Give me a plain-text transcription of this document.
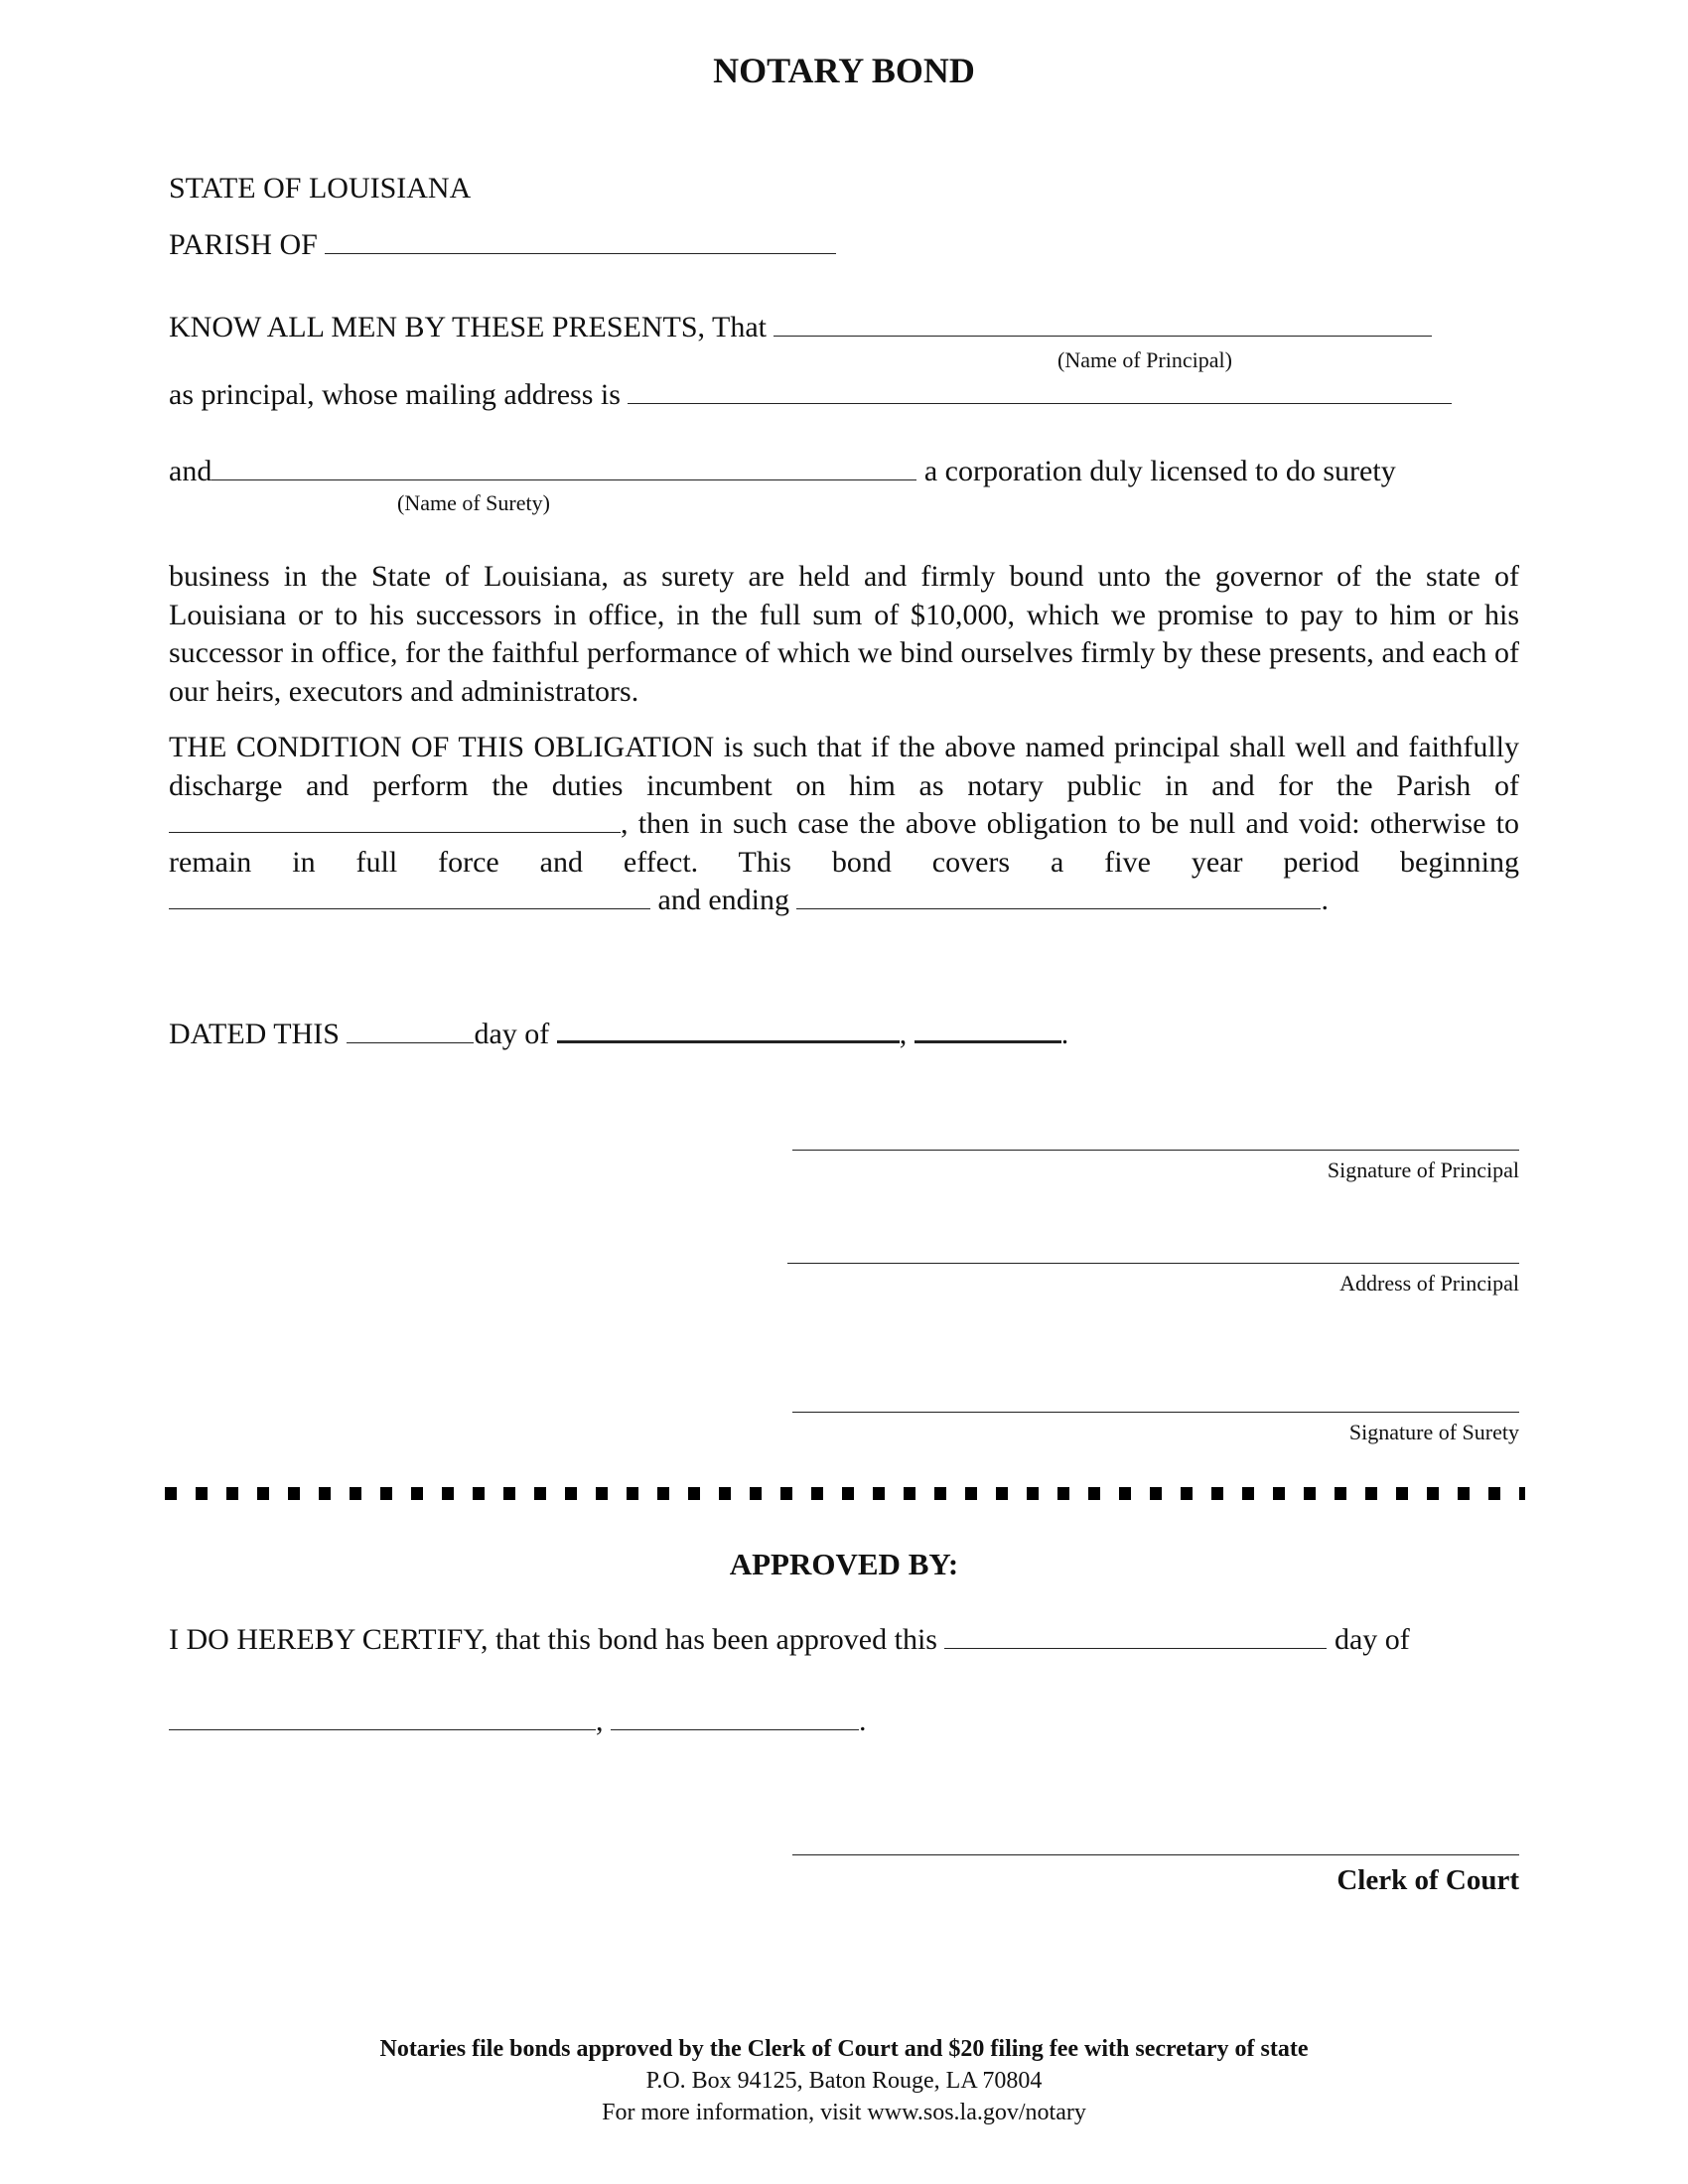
NOTARY BOND
STATE OF LOUISIANA
PARISH OF
KNOW ALL MEN BY THESE PRESENTS, That
(Name of Principal)
as principal, whose mailing address is
and	a corporation duly licensed to do surety
(Name of Surety)
business in the State of Louisiana, as surety are held and firmly bound unto the governor of the state of Louisiana or to his successors in office, in the full sum of $10,000, which we promise to pay to him or his successor in office, for the faithful performance of which we bind ourselves firmly by these presents, and each of our heirs, executors and administrators.
THE CONDITION OF THIS OBLIGATION is such that if the above named principal shall well and faithfully discharge and perform the duties incumbent on him as notary public in and for the Parish of , then in such case the above obligation to be null and void: otherwise to remain in full force and effect. This bond covers a five year period beginning  and ending	.
DATED THIS	day of	,	.
Signature of Principal
Address of Principal
Signature of Surety
APPROVED BY:
I DO HEREBY CERTIFY, that this bond has been approved this	day of
,	.
Clerk of Court
Notaries file bonds approved by the Clerk of Court and $20 filing fee with secretary of state
P.O. Box 94125, Baton Rouge, LA 70804
For more information, visit www.sos.la.gov/notary
